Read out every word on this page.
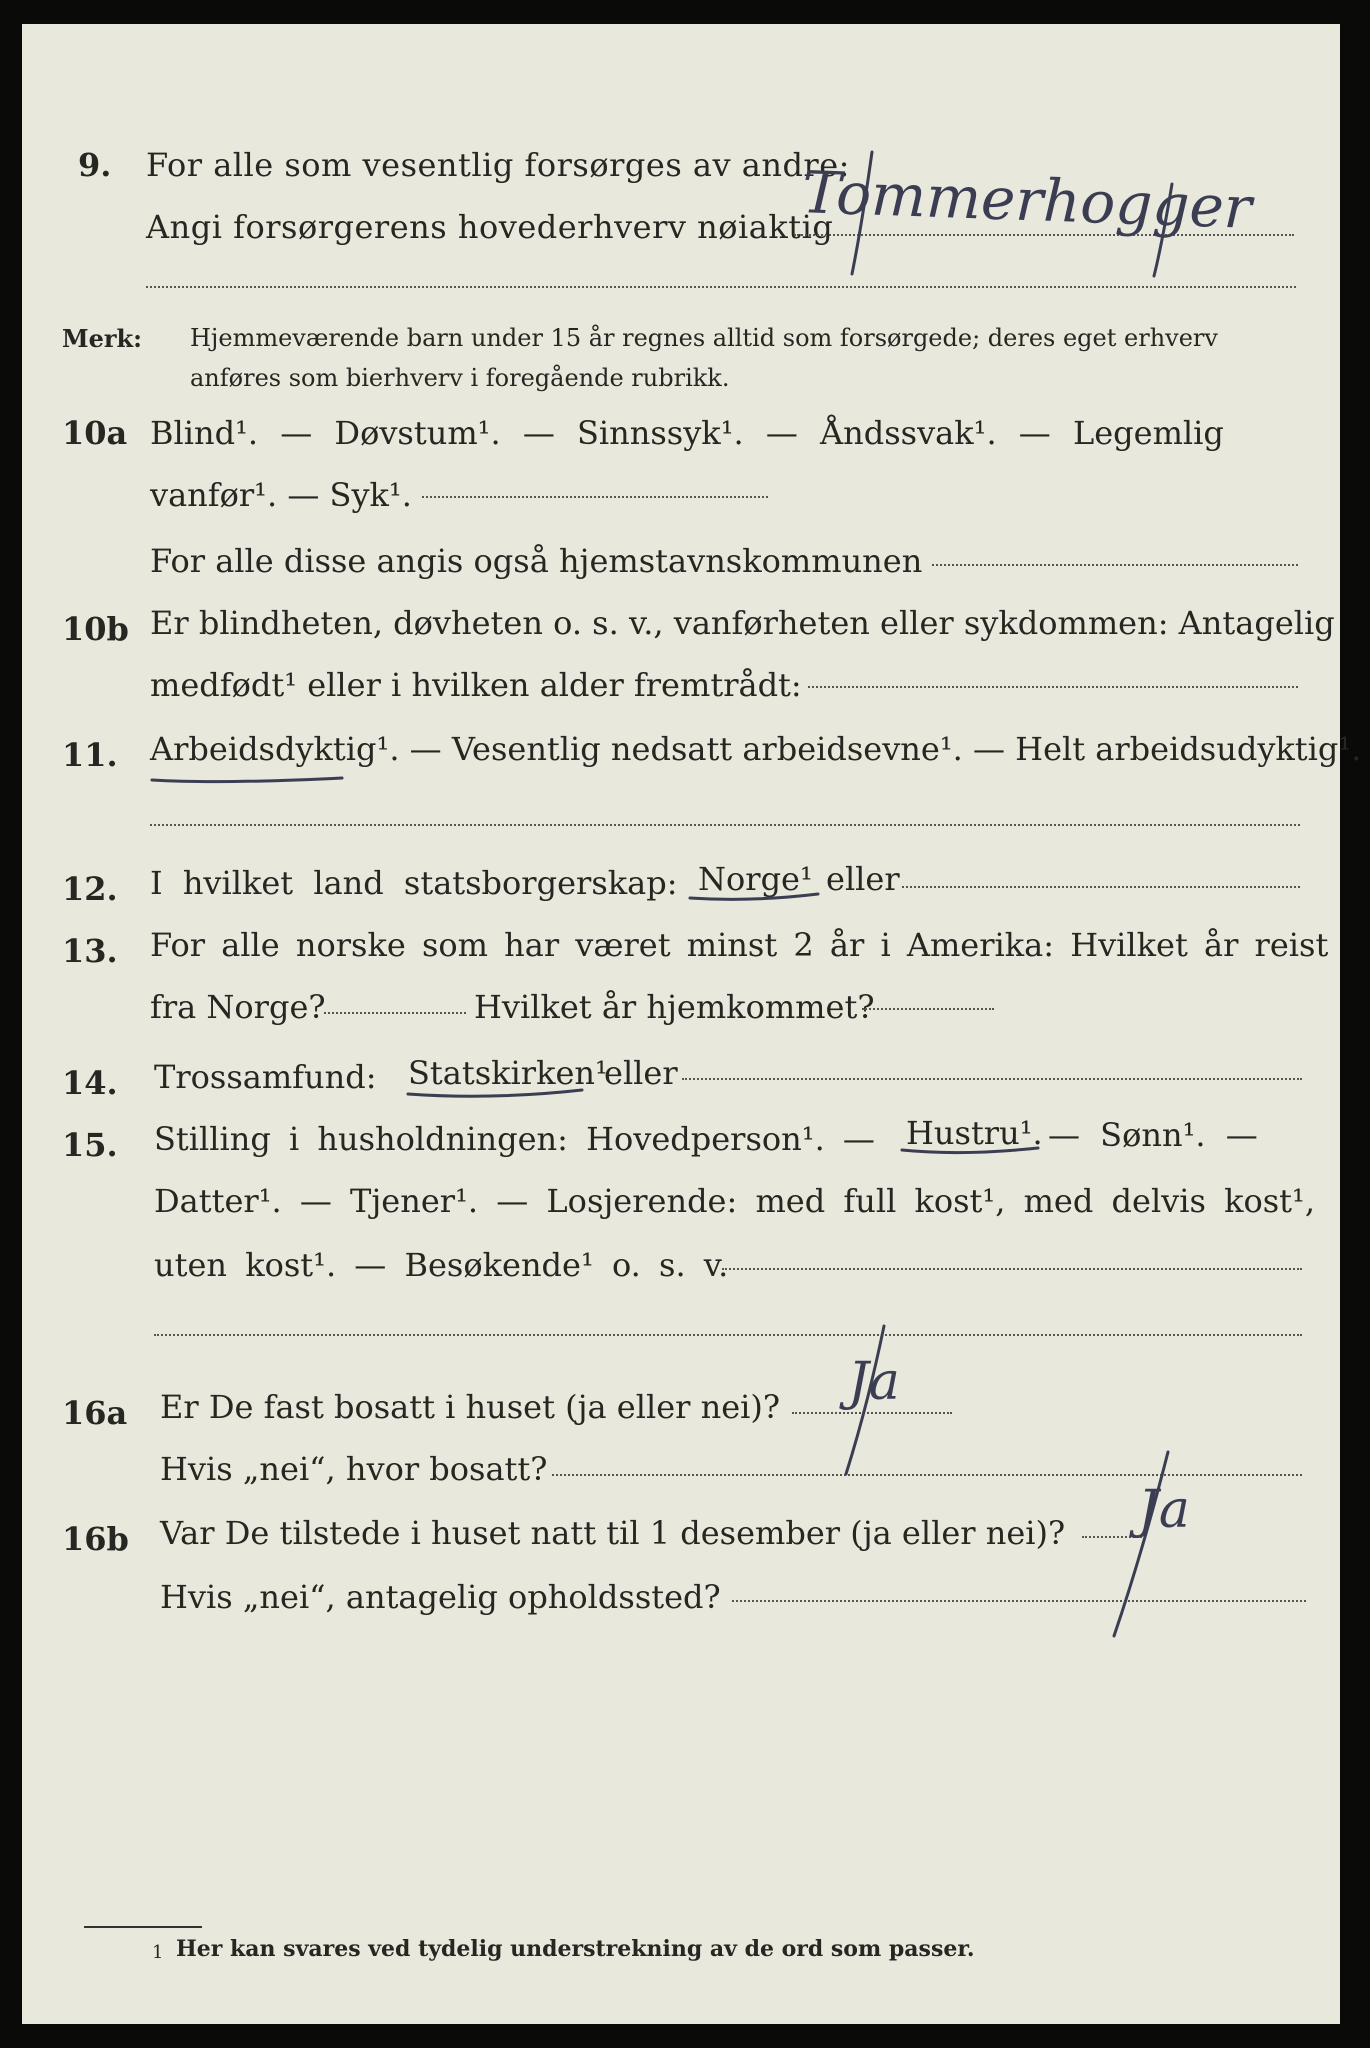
9. For alle som vesentlig forsørges av andre:
Angi forsørgerens hovederhverv nøiaktig
Tommerhogger
Merk: Hjemmeværende barn under 15 år regnes alltid som forsørgede; deres eget erhverv
anføres som bierhverv i foregående rubrikk.
10a Blind¹. — Døvstum¹. — Sinnssyk¹. — Åndssvak¹. — Legemlig
vanfør¹. — Syk¹.
For alle disse angis også hjemstavnskommunen
10b Er blindheten, døvheten o. s. v., vanførheten eller sykdommen: Antagelig
medfødt¹ eller i hvilken alder fremtrådt:
11. Arbeidsdyktig¹. — Vesentlig nedsatt arbeidsevne¹. — Helt arbeidsudyktig¹.
12. I hvilket land statsborgerskap: Norge¹ eller
13. For alle norske som har været minst 2 år i Amerika: Hvilket år reist
fra Norge?	Hvilket år hjemkommet?
14. Trossamfund: Statskirken¹
eller
15. Stilling i husholdningen: Hovedperson¹. — Hustru¹. — Sønn¹. —
Datter¹. — Tjener¹. — Losjerende: med full kost¹, med delvis kost¹,
uten kost¹. — Besøkende¹ o. s. v.
16a Er De fast bosatt i huset (ja eller nei)? Ja
Hvis „nei“, hvor bosatt?
16b Var De tilstede i huset natt til 1 desember (ja eller nei)? Ja
Hvis „nei“, antagelig opholdssted?
1 Her kan svares ved tydelig understrekning av de ord som passer.
